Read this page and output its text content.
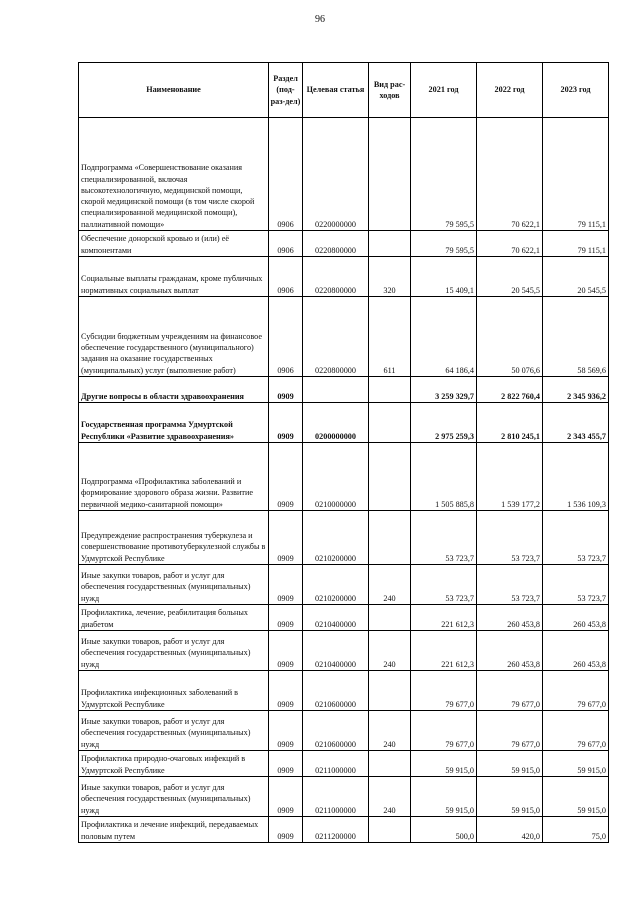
96
Наименование	Раздел (под-раз-дел)	Целевая статья	Вид рас-ходов	2021 год	2022 год	2023 год
Подпрограмма «Совершенствование оказания специализированной, включая высокотехнологичную, медицинской помощи, скорой медицинской помощи (в том числе скорой специализированной медицинской помощи), паллиативной помощи»	0906	0220000000		79 595,5	70 622,1	79 115,1
Обеспечение донорской кровью и (или) её компонентами	0906	0220800000		79 595,5	70 622,1	79 115,1
Социальные выплаты гражданам, кроме публичных нормативных социальных выплат	0906	0220800000	320	15 409,1	20 545,5	20 545,5
Субсидии бюджетным учреждениям на финансовое обеспечение государственного (муниципального) задания на оказание государственных (муниципальных) услуг (выполнение работ)	0906	0220800000	611	64 186,4	50 076,6	58 569,6
Другие вопросы в области здравоохранения	0909			3 259 329,7	2 822 760,4	2 345 936,2
Государственная программа Удмуртской Республики «Развитие здравоохранения»	0909	0200000000		2 975 259,3	2 810 245,1	2 343 455,7
Подпрограмма «Профилактика заболеваний и формирование здорового образа жизни. Развитие первичной медико-санитарной помощи»	0909	0210000000		1 505 885,8	1 539 177,2	1 536 109,3
Предупреждение распространения туберкулеза и совершенствование противотуберкулезной службы в Удмуртской Республике	0909	0210200000		53 723,7	53 723,7	53 723,7
Иные закупки товаров, работ и услуг для обеспечения государственных (муниципальных) нужд	0909	0210200000	240	53 723,7	53 723,7	53 723,7
Профилактика, лечение, реабилитация больных диабетом	0909	0210400000		221 612,3	260 453,8	260 453,8
Иные закупки товаров, работ и услуг для обеспечения государственных (муниципальных) нужд	0909	0210400000	240	221 612,3	260 453,8	260 453,8
Профилактика инфекционных заболеваний в Удмуртской Республике	0909	0210600000		79 677,0	79 677,0	79 677,0
Иные закупки товаров, работ и услуг для обеспечения государственных (муниципальных) нужд	0909	0210600000	240	79 677,0	79 677,0	79 677,0
Профилактика природно-очаговых инфекций в Удмуртской Республике	0909	0211000000		59 915,0	59 915,0	59 915,0
Иные закупки товаров, работ и услуг для обеспечения государственных (муниципальных) нужд	0909	0211000000	240	59 915,0	59 915,0	59 915,0
Профилактика и лечение инфекций, передаваемых половым путем	0909	0211200000		500,0	420,0	75,0
